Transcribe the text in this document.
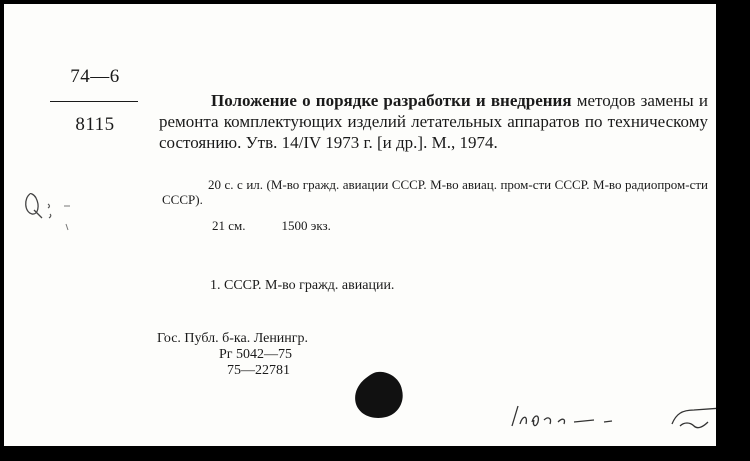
74—6
8115
Положение о порядке разработки и внедрения методов замены и ремонта комплектующих изделий летательных аппаратов по техническому состоянию. Утв. 14/IV 1973 г. [и др.]. М., 1974.
20 с. с ил. (М-во гражд. авиации СССР. М-во авиац. пром-сти СССР. М-во радиопром-сти СССР).
21 см.	1500 экз.
1. СССР. М-во гражд. авиации.
Гос. Публ. б-ка. Ленингр.
Рг 5042—75
75—22781
